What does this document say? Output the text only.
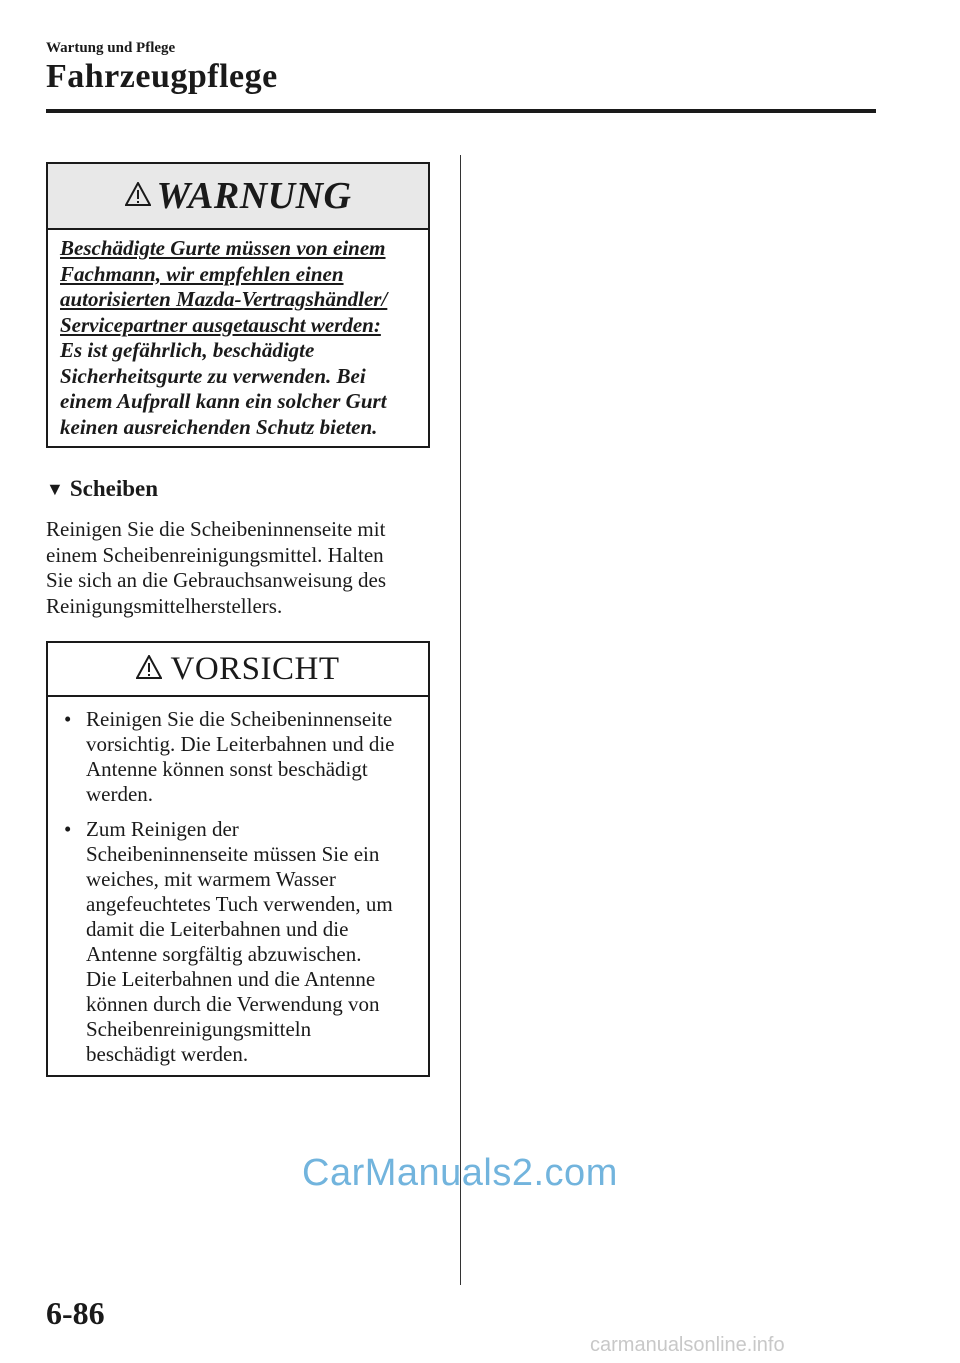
Wartung und Pflege
Fahrzeugpflege
WARNUNG
Beschädigte Gurte müssen von einem
Fachmann, wir empfehlen einen
autorisierten Mazda-Vertragshändler/
Servicepartner ausgetauscht werden:
Es ist gefährlich, beschädigte
Sicherheitsgurte zu verwenden. Bei
einem Aufprall kann ein solcher Gurt
keinen ausreichenden Schutz bieten.
▼ Scheiben
Reinigen Sie die Scheibeninnenseite mit
einem Scheibenreinigungsmittel. Halten
Sie sich an die Gebrauchsanweisung des
Reinigungsmittelherstellers.
VORSICHT
• Reinigen Sie die Scheibeninnenseite
vorsichtig. Die Leiterbahnen und die
Antenne können sonst beschädigt
werden.
• Zum Reinigen der
Scheibeninnenseite müssen Sie ein
weiches, mit warmem Wasser
angefeuchtetes Tuch verwenden, um
damit die Leiterbahnen und die
Antenne sorgfältig abzuwischen.
Die Leiterbahnen und die Antenne
können durch die Verwendung von
Scheibenreinigungsmitteln
beschädigt werden.
CarManuals2.com
6-86
carmanualsonline.info
